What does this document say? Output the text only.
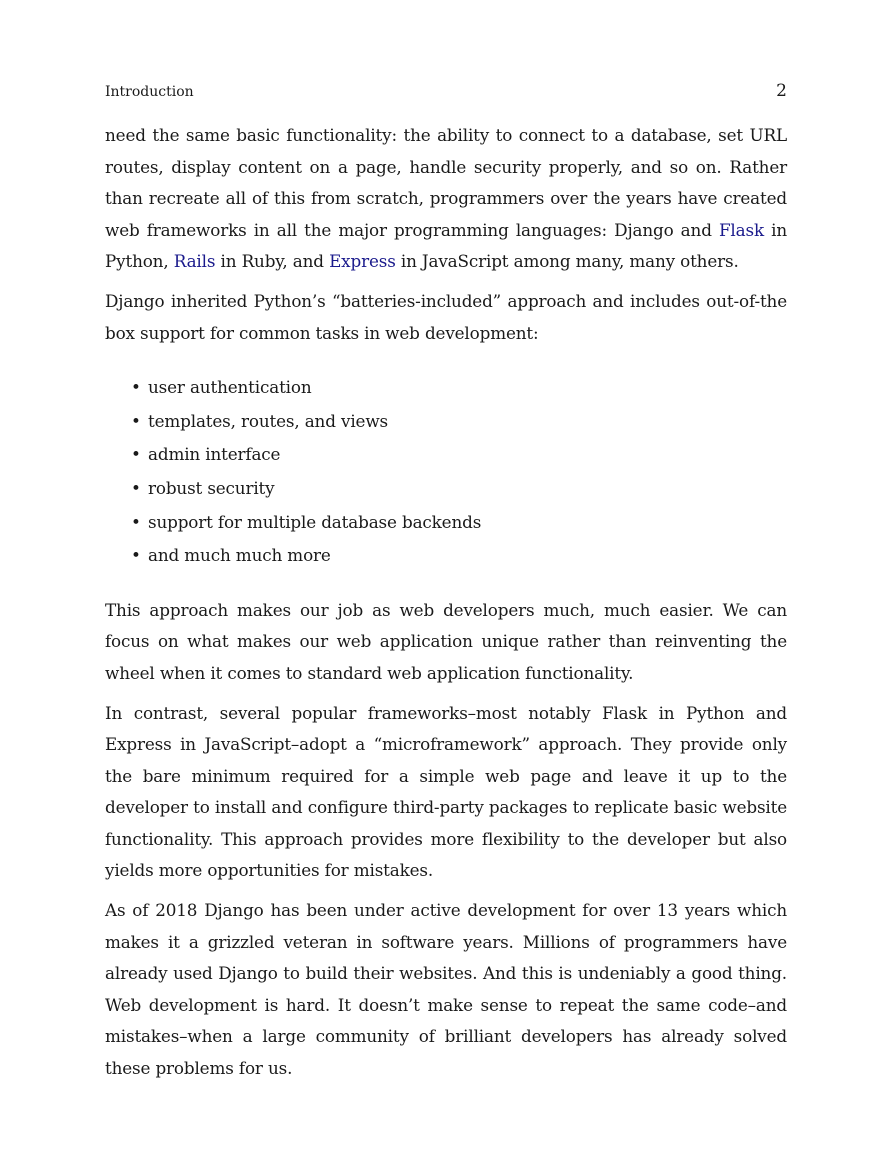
Introduction	2

need the same basic functionality: the ability to connect to a database, set URL routes, display content on a page, handle security properly, and so on. Rather than recreate all of this from scratch, programmers over the years have created web frameworks in all the major programming languages: Django and Flask in Python, Rails in Ruby, and Express in JavaScript among many, many others.

Django inherited Python’s “batteries-included” approach and includes out-of-the box support for common tasks in web development:

• user authentication
• templates, routes, and views
• admin interface
• robust security
• support for multiple database backends
• and much much more

This approach makes our job as web developers much, much easier. We can focus on what makes our web application unique rather than reinventing the wheel when it comes to standard web application functionality.

In contrast, several popular frameworks–most notably Flask in Python and Express in JavaScript–adopt a “microframework” approach. They provide only the bare minimum required for a simple web page and leave it up to the developer to install and configure third-party packages to replicate basic website functionality. This approach provides more flexibility to the developer but also yields more opportunities for mistakes.

As of 2018 Django has been under active development for over 13 years which makes it a grizzled veteran in software years. Millions of programmers have already used Django to build their websites. And this is undeniably a good thing. Web development is hard. It doesn’t make sense to repeat the same code–and mistakes–when a large community of brilliant developers has already solved these problems for us.
